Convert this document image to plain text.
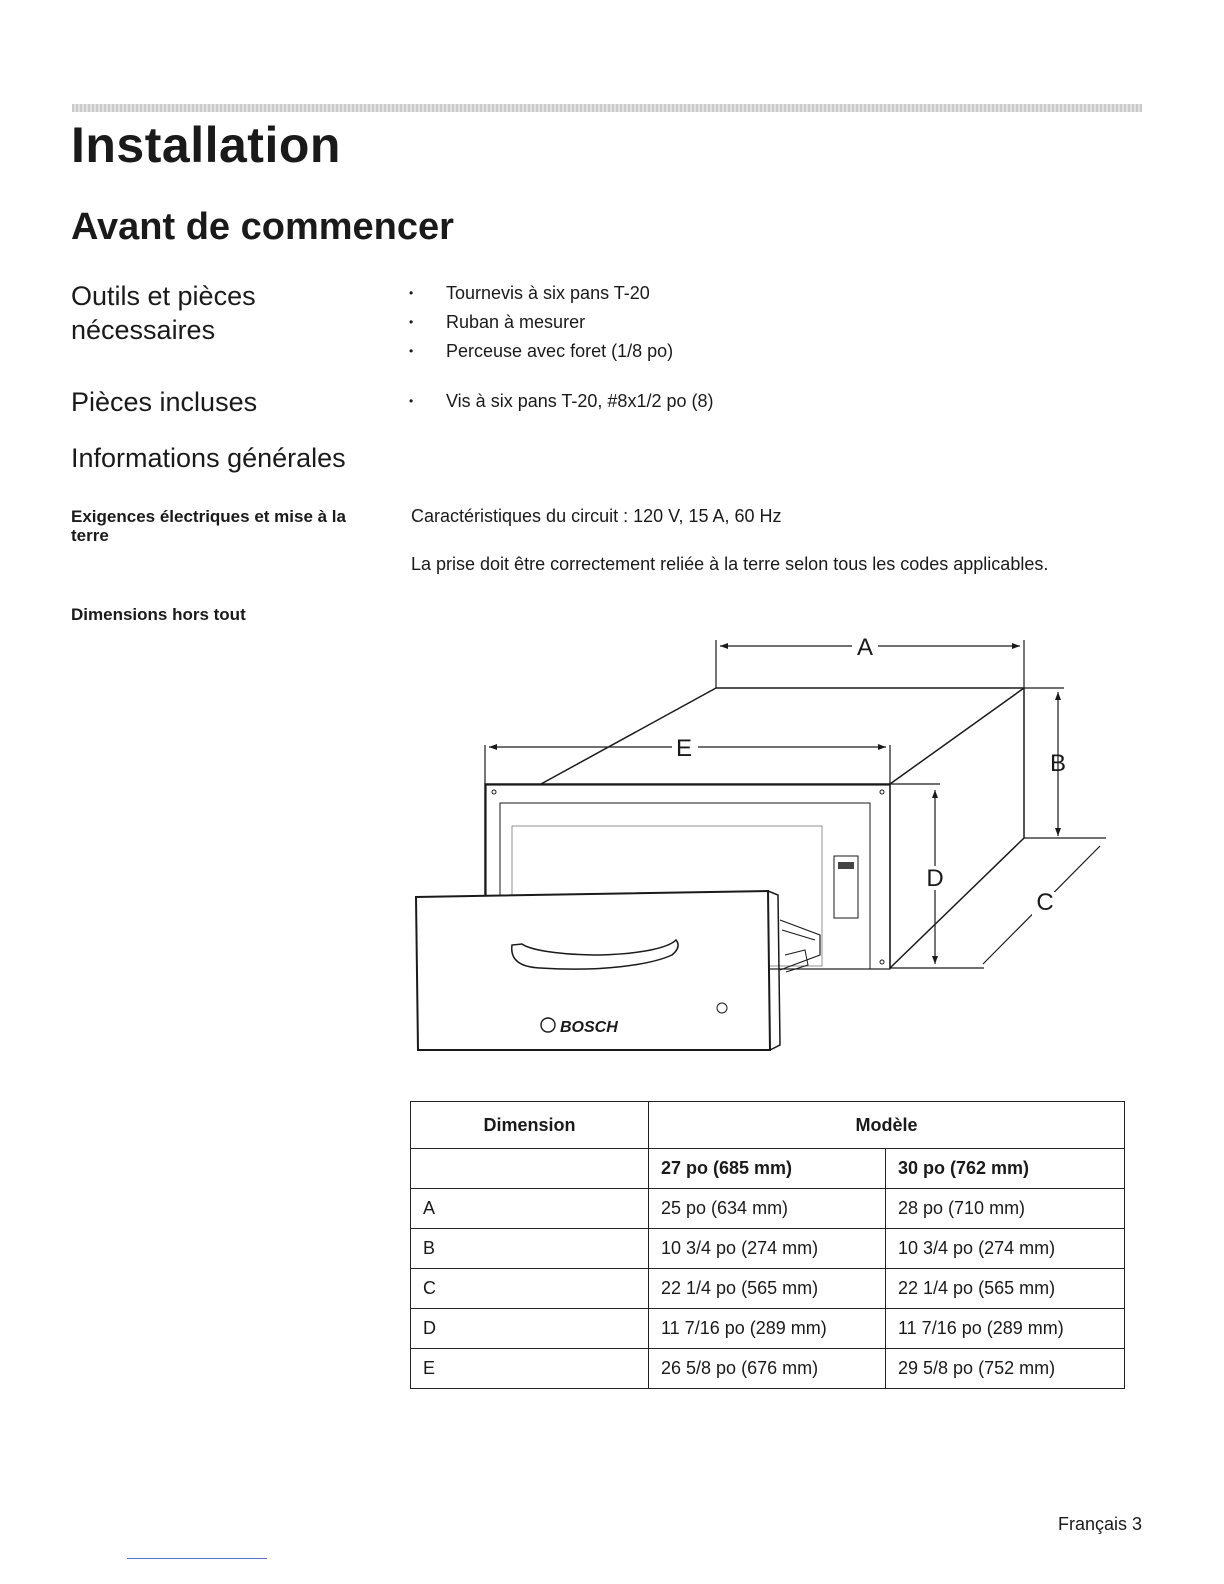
Installation
Avant de commencer
Outils et pièces
nécessaires
• Tournevis à six pans T-20
• Ruban à mesurer
• Perceuse avec foret (1/8 po)
Pièces incluses	• Vis à six pans T-20, #8x1/2 po (8)
Informations générales
Exigences électriques et mise à la
terre

Caractéristiques du circuit : 120 V, 15 A, 60 Hz

La prise doit être correctement reliée à la terre selon tous les codes applicables.

Dimensions hors tout
A
B
C
D
E
BOSCH
Dimension	Modèle	
	27 po (685 mm)	30 po (762 mm)
A	25 po (634 mm)	28 po (710 mm)
B	10 3/4 po (274 mm)	10 3/4 po (274 mm)
C	22 1/4 po (565 mm)	22 1/4 po (565 mm)
D	11 7/16 po (289 mm)	11 7/16 po (289 mm)
E	26 5/8 po (676 mm)	29 5/8 po (752 mm)
Français 3
